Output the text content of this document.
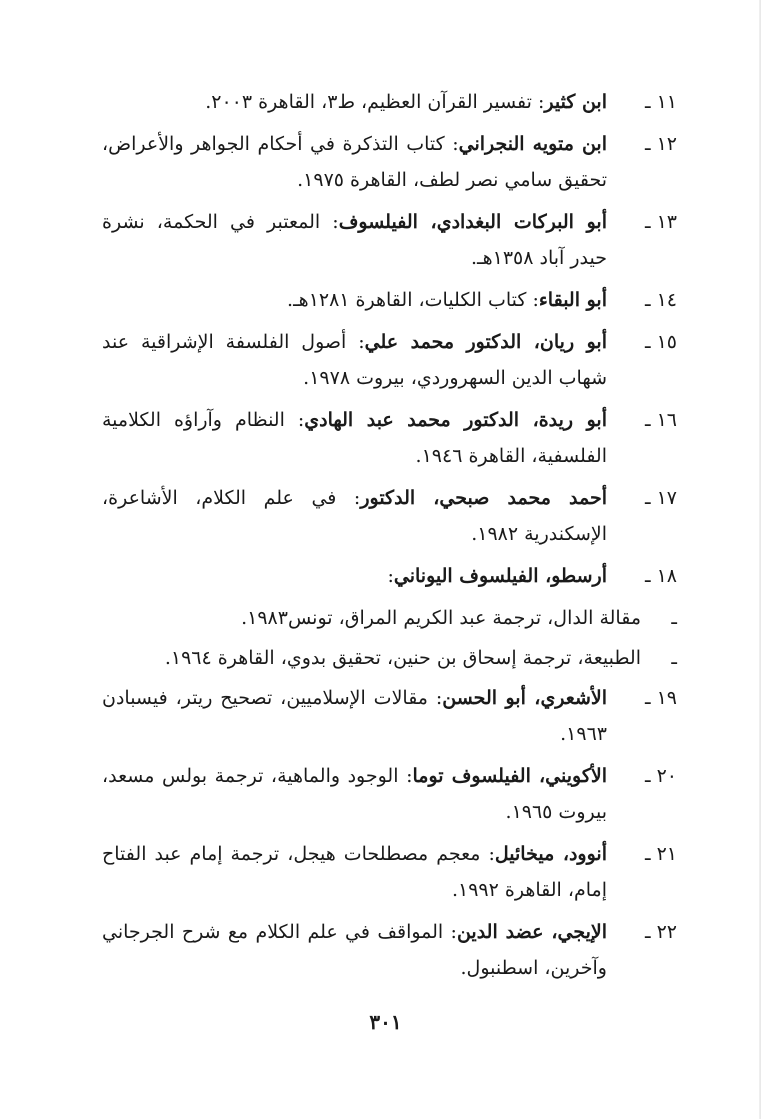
١١ ـ
ابن كثير: تفسير القرآن العظيم، ط٣، القاهرة ٢٠٠٣.
١٢ ـ
ابن متويه النجراني: كتاب التذكرة في أحكام الجواهر والأعراض، تحقيق سامي نصر لطف، القاهرة ١٩٧٥.
١٣ ـ
أبو البركات البغدادي، الفيلسوف: المعتبر في الحكمة، نشرة حيدر آباد ١٣٥٨هـ.
١٤ ـ
أبو البقاء: كتاب الكليات، القاهرة ١٢٨١هـ.
١٥ ـ
أبو ريان، الدكتور محمد علي: أصول الفلسفة الإشراقية عند شهاب الدين السهروردي، بيروت ١٩٧٨.
١٦ ـ
أبو ريدة، الدكتور محمد عبد الهادي: النظام وآراؤه الكلامية الفلسفية، القاهرة ١٩٤٦.
١٧ ـ
أحمد محمد صبحي، الدكتور: في علم الكلام، الأشاعرة، الإسكندرية ١٩٨٢.
١٨ ـ
أرسطو، الفيلسوف اليوناني:
ـ
مقالة الدال، ترجمة عبد الكريم المراق، تونس١٩٨٣.
ـ
الطبيعة، ترجمة إسحاق بن حنين، تحقيق بدوي، القاهرة ١٩٦٤.
١٩ ـ
الأشعري، أبو الحسن: مقالات الإسلاميين، تصحيح ريتر، فيسبادن ١٩٦٣.
٢٠ ـ
الأكويني، الفيلسوف توما: الوجود والماهية، ترجمة بولس مسعد، بيروت ١٩٦٥.
٢١ ـ
أنوود، ميخائيل: معجم مصطلحات هيجل، ترجمة إمام عبد الفتاح إمام، القاهرة ١٩٩٢.
٢٢ ـ
الإيجي، عضد الدين: المواقف في علم الكلام مع شرح الجرجاني وآخرين، اسطنبول.
٣٠١
